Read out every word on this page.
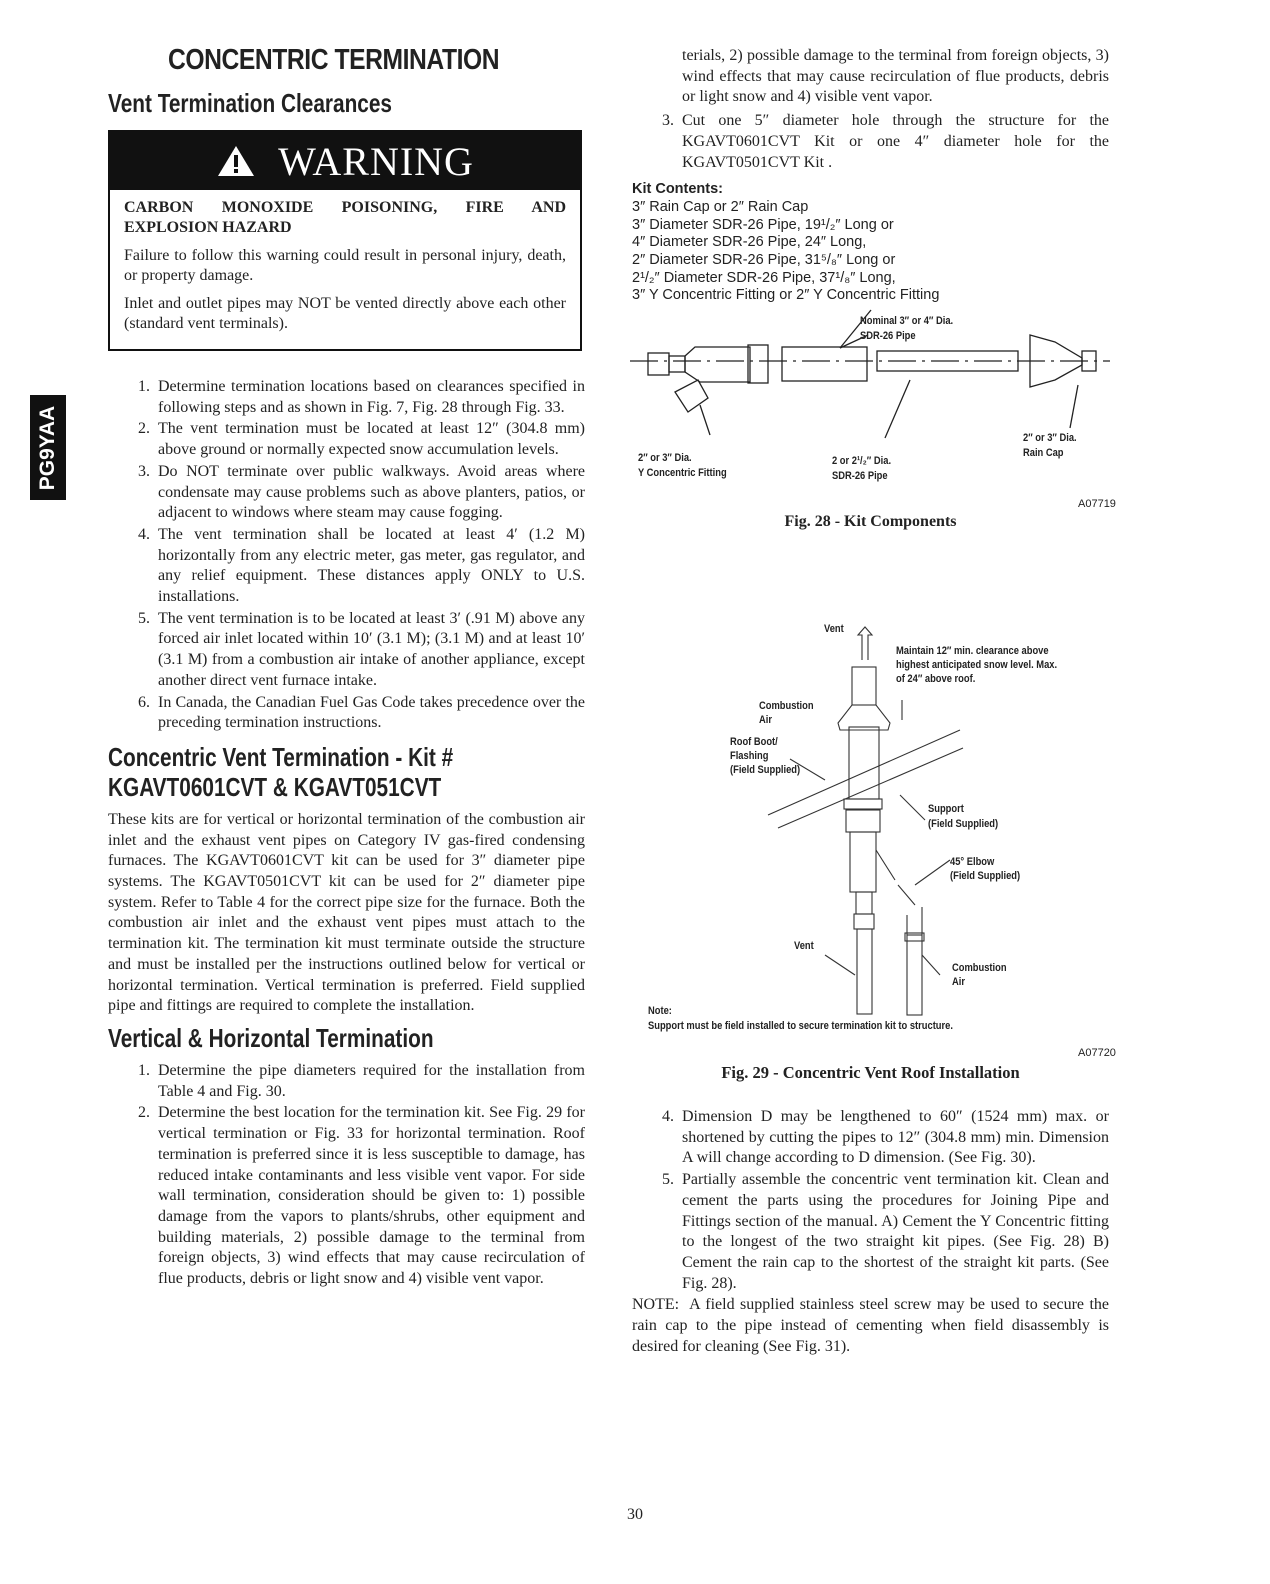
PG9YAA
CONCENTRIC TERMINATION
Vent Termination Clearances
WARNING

CARBON MONOXIDE POISONING, FIRE AND EXPLOSION HAZARD

Failure to follow this warning could result in personal injury, death, or property damage.

Inlet and outlet pipes may NOT be vented directly above each other (standard vent terminals).

1. Determine termination locations based on clearances specified in following steps and as shown in Fig. 7, Fig. 28 through Fig. 33.
2. The vent termination must be located at least 12″ (304.8 mm) above ground or normally expected snow accumulation levels.
3. Do NOT terminate over public walkways. Avoid areas where condensate may cause problems such as above planters, patios, or adjacent to windows where steam may cause fogging.
4. The vent termination shall be located at least 4′ (1.2 M) horizontally from any electric meter, gas meter, gas regulator, and any relief equipment. These distances apply ONLY to U.S. installations.
5. The vent termination is to be located at least 3′ (.91 M) above any forced air inlet located within 10′ (3.1 M); (3.1 M) and at least 10′ (3.1 M) from a combustion air intake of another appliance, except another direct vent furnace intake.
6. In Canada, the Canadian Fuel Gas Code takes precedence over the preceding termination instructions.
Concentric Vent Termination - Kit #
KGAVT0601CVT & KGAVT051CVT

These kits are for vertical or horizontal termination of the combustion air inlet and the exhaust vent pipes on Category IV gas-fired condensing furnaces. The KGAVT0601CVT kit can be used for 3″ diameter pipe systems. The KGAVT0501CVT kit can be used for 2″ diameter pipe system. Refer to Table 4 for the correct pipe size for the furnace. Both the combustion air inlet and the exhaust vent pipes must attach to the termination kit. The termination kit must terminate outside the structure and must be installed per the instructions outlined below for vertical or horizontal termination. Vertical termination is preferred. Field supplied pipe and fittings are required to complete the installation.

Vertical & Horizontal Termination
1. Determine the pipe diameters required for the installation from Table 4 and Fig. 30.
2. Determine the best location for the termination kit. See Fig. 29 for vertical termination or Fig. 33 for horizontal termination. Roof termination is preferred since it is less susceptible to damage, has reduced intake contaminants and less visible vent vapor. For side wall termination, consideration should be given to: 1) possible damage from the vapors to plants/shrubs, other equipment and building materials, 2) possible damage to the terminal from foreign objects, 3) wind effects that may cause recirculation of flue products, debris or light snow and 4) visible vent vapor.

terials, 2) possible damage to the terminal from foreign objects, 3) wind effects that may cause recirculation of flue products, debris or light snow and 4) visible vent vapor.

3. Cut one 5″ diameter hole through the structure for the KGAVT0601CVT Kit or one 4″ diameter hole for the KGAVT0501CVT Kit .
Kit Contents:
3″ Rain Cap or 2″ Rain Cap
3″ Diameter SDR-26 Pipe, 19¹/₂″ Long or
4″ Diameter SDR-26 Pipe, 24″ Long,
2″ Diameter SDR-26 Pipe, 31⁵/₈″ Long or
2¹/₂″ Diameter SDR-26 Pipe, 37¹/₈″ Long,
3″ Y Concentric Fitting or 2″ Y Concentric Fitting
Nominal 3″ or 4″ Dia.
SDR-26 Pipe
2″ or 3″ Dia.
Y Concentric Fitting
2 or 2¹/₂″ Dia.
SDR-26 Pipe
2″ or 3″ Dia.
Rain Cap
A07719
Fig. 28 - Kit Components
Vent
Maintain 12″ min. clearance above
highest anticipated snow level. Max.
of 24″ above roof.
Combustion
Air
Roof Boot/
Flashing
(Field Supplied)
Support
(Field Supplied)
45° Elbow
(Field Supplied)
Vent
Combustion
Air
Note:
Support must be field installed to secure termination kit to structure.
A07720
Fig. 29 - Concentric Vent Roof Installation
4. Dimension D may be lengthened to 60″ (1524 mm) max. or shortened by cutting the pipes to 12″ (304.8 mm) min. Dimension A will change according to D dimension. (See Fig. 30).
5. Partially assemble the concentric vent termination kit. Clean and cement the parts using the procedures for Joining Pipe and Fittings section of the manual. A) Cement the Y Concentric fitting to the longest of the two straight kit pipes. (See Fig. 28) B) Cement the rain cap to the shortest of the straight kit parts. (See Fig. 28).

NOTE: A field supplied stainless steel screw may be used to secure the rain cap to the pipe instead of cementing when field disassembly is desired for cleaning (See Fig. 31).

30
